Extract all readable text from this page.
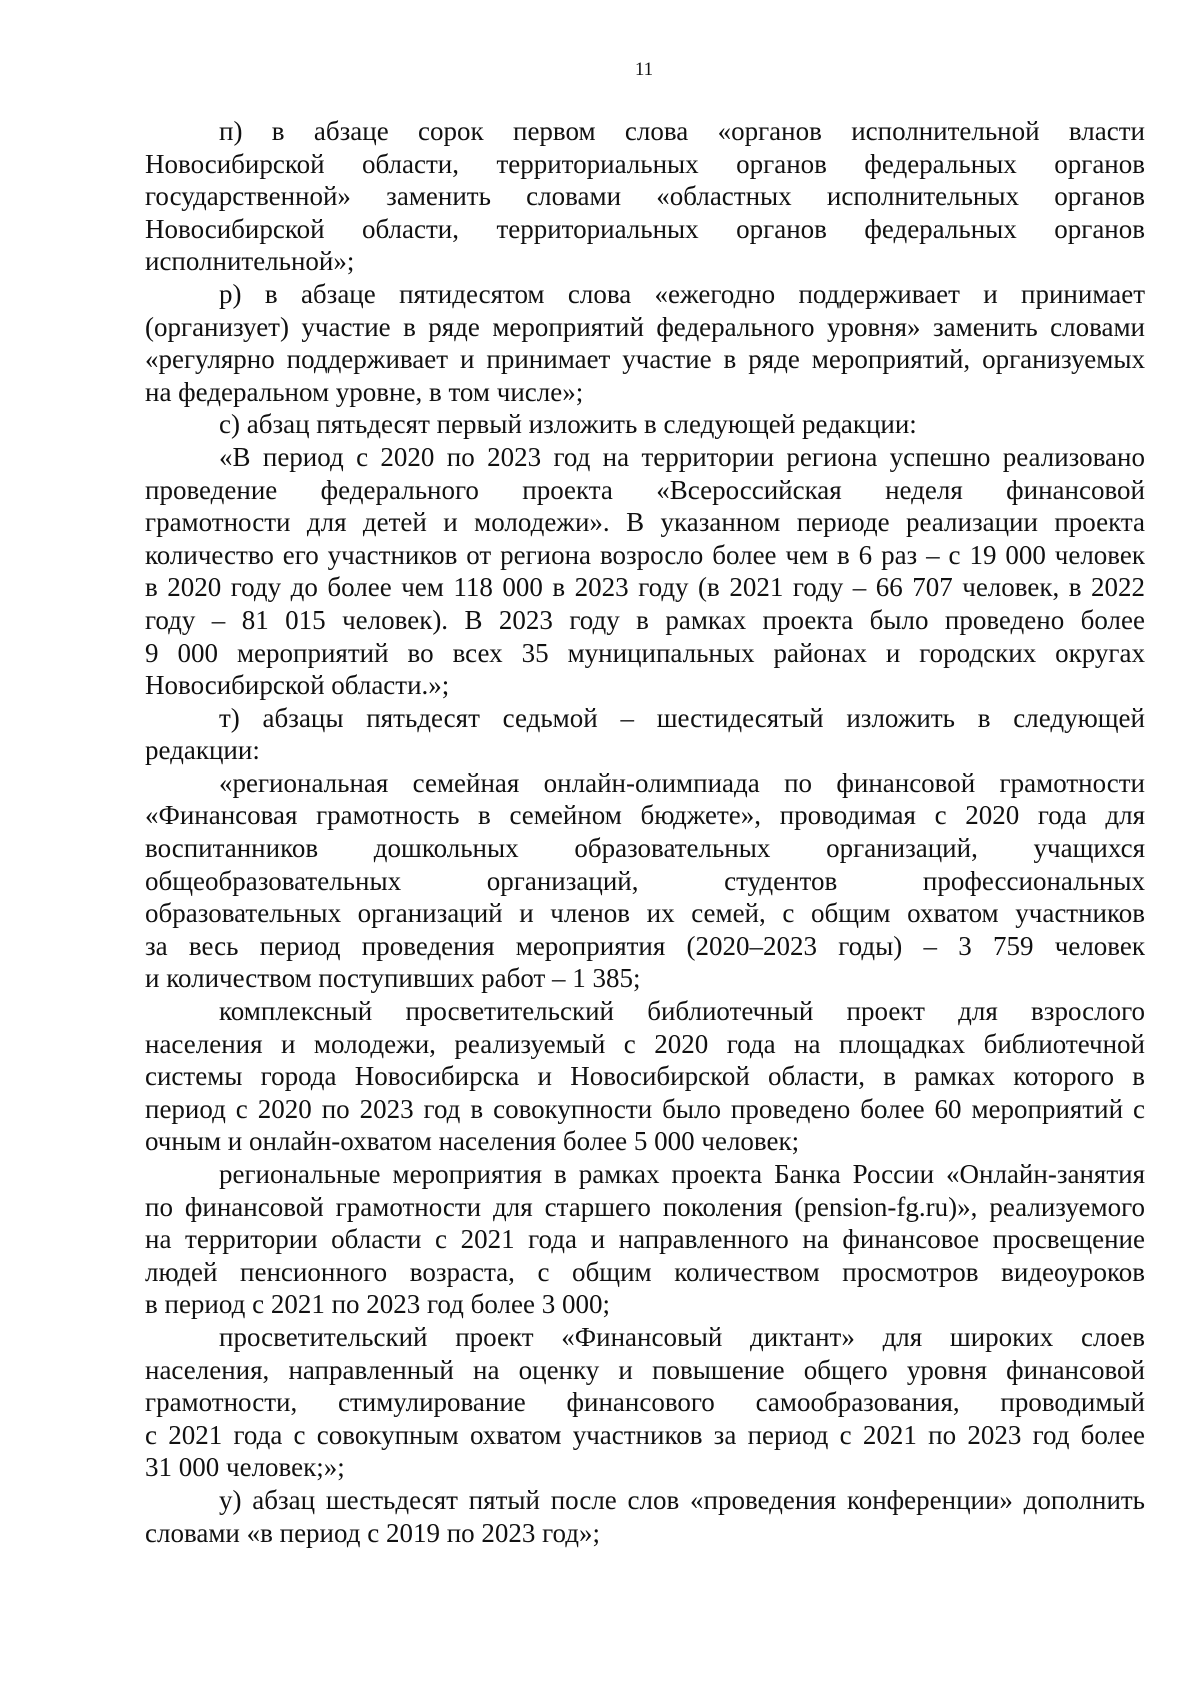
11
п) в абзаце сорок первом слова «органов исполнительной власти
Новосибирской области, территориальных органов федеральных органов
государственной» заменить словами «областных исполнительных органов
Новосибирской области, территориальных органов федеральных органов
исполнительной»;
р) в абзаце пятидесятом слова «ежегодно поддерживает и принимает
(организует) участие в ряде мероприятий федерального уровня» заменить словами
«регулярно поддерживает и принимает участие в ряде мероприятий, организуемых
на федеральном уровне, в том числе»;
с) абзац пятьдесят первый изложить в следующей редакции:
«В период с 2020 по 2023 год на территории региона успешно реализовано
проведение федерального проекта «Всероссийская неделя финансовой
грамотности для детей и молодежи». В указанном периоде реализации проекта
количество его участников от региона возросло более чем в 6 раз – с 19 000 человек
в 2020 году до более чем 118 000 в 2023 году (в 2021 году – 66 707 человек, в 2022
году – 81 015 человек). В 2023 году в рамках проекта было проведено более
9 000 мероприятий во всех 35 муниципальных районах и городских округах
Новосибирской области.»;
т) абзацы пятьдесят седьмой – шестидесятый изложить в следующей
редакции:
«региональная семейная онлайн-олимпиада по финансовой грамотности
«Финансовая грамотность в семейном бюджете», проводимая с 2020 года для
воспитанников дошкольных образовательных организаций, учащихся
общеобразовательных организаций, студентов профессиональных
образовательных организаций и членов их семей, с общим охватом участников
за весь период проведения мероприятия (2020–2023 годы) – 3 759 человек
и количеством поступивших работ – 1 385;
комплексный просветительский библиотечный проект для взрослого
населения и молодежи, реализуемый с 2020 года на площадках библиотечной
системы города Новосибирска и Новосибирской области, в рамках которого в
период с 2020 по 2023 год в совокупности было проведено более 60 мероприятий с
очным и онлайн-охватом населения более 5 000 человек;
региональные мероприятия в рамках проекта Банка России «Онлайн-занятия
по финансовой грамотности для старшего поколения (pension-fg.ru)», реализуемого
на территории области с 2021 года и направленного на финансовое просвещение
людей пенсионного возраста, с общим количеством просмотров видеоуроков
в период с 2021 по 2023 год более 3 000;
просветительский проект «Финансовый диктант» для широких слоев
населения, направленный на оценку и повышение общего уровня финансовой
грамотности, стимулирование финансового самообразования, проводимый
с 2021 года с совокупным охватом участников за период с 2021 по 2023 год более
31 000 человек;»;
у) абзац шестьдесят пятый после слов «проведения конференции» дополнить
словами «в период с 2019 по 2023 год»;
